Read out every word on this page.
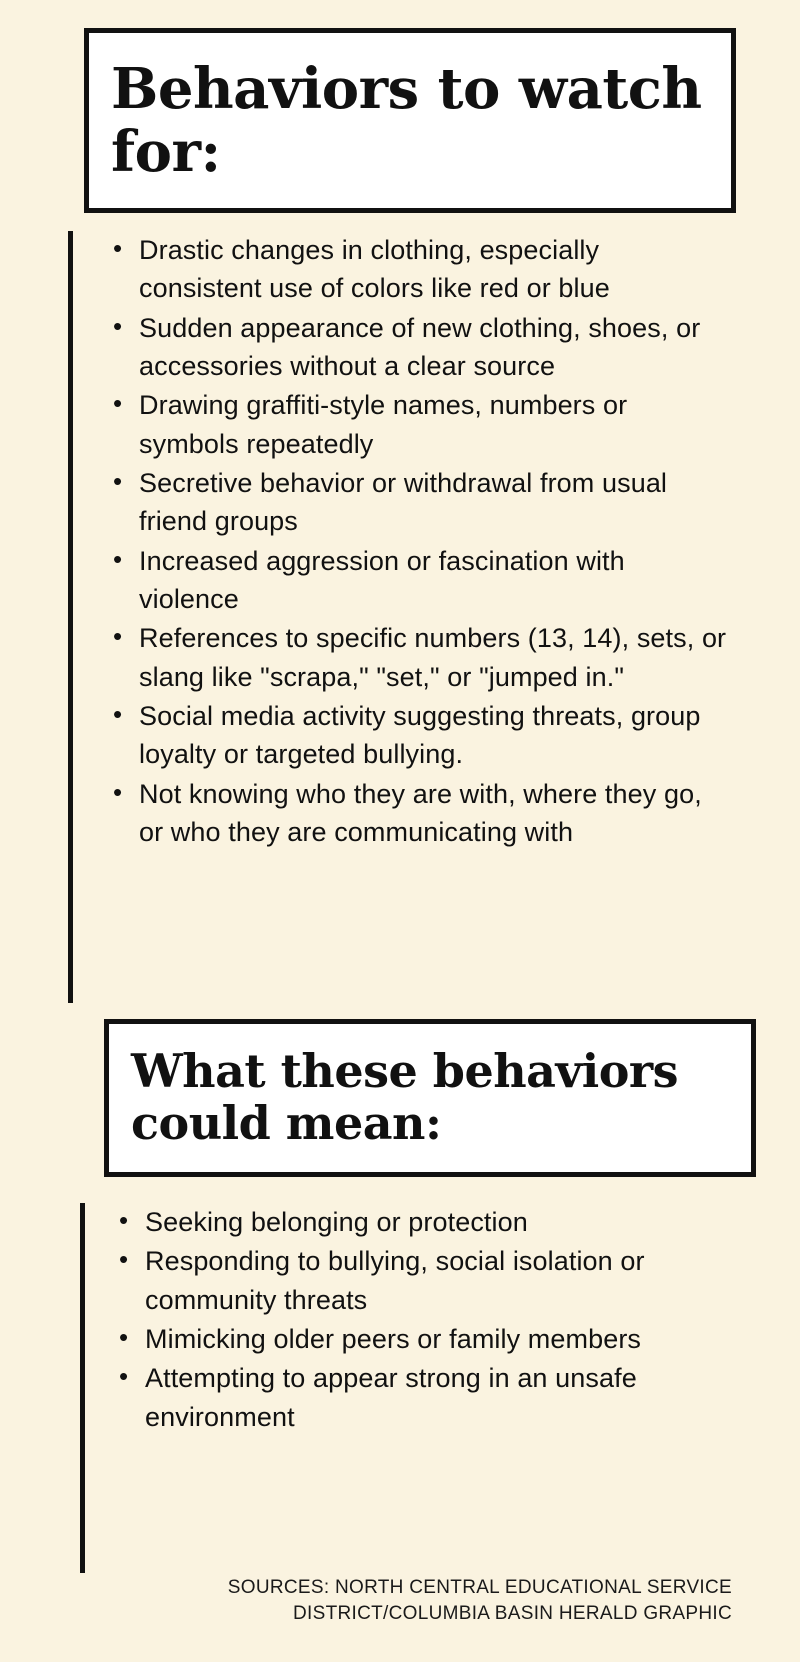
Behaviors to watch for:
• Drastic changes in clothing, especially consistent use of colors like red or blue
• Sudden appearance of new clothing, shoes, or accessories without a clear source
• Drawing graffiti-style names, numbers or symbols repeatedly
• Secretive behavior or withdrawal from usual friend groups
• Increased aggression or fascination with violence
• References to specific numbers (13, 14), sets, or slang like "scrapa," "set," or "jumped in."
• Social media activity suggesting threats, group loyalty or targeted bullying.
• Not knowing who they are with, where they go, or who they are communicating with
What these behaviors could mean:
• Seeking belonging or protection
• Responding to bullying, social isolation or community threats
• Mimicking older peers or family members
• Attempting to appear strong in an unsafe environment
SOURCES: NORTH CENTRAL EDUCATIONAL SERVICE
DISTRICT/COLUMBIA BASIN HERALD GRAPHIC
